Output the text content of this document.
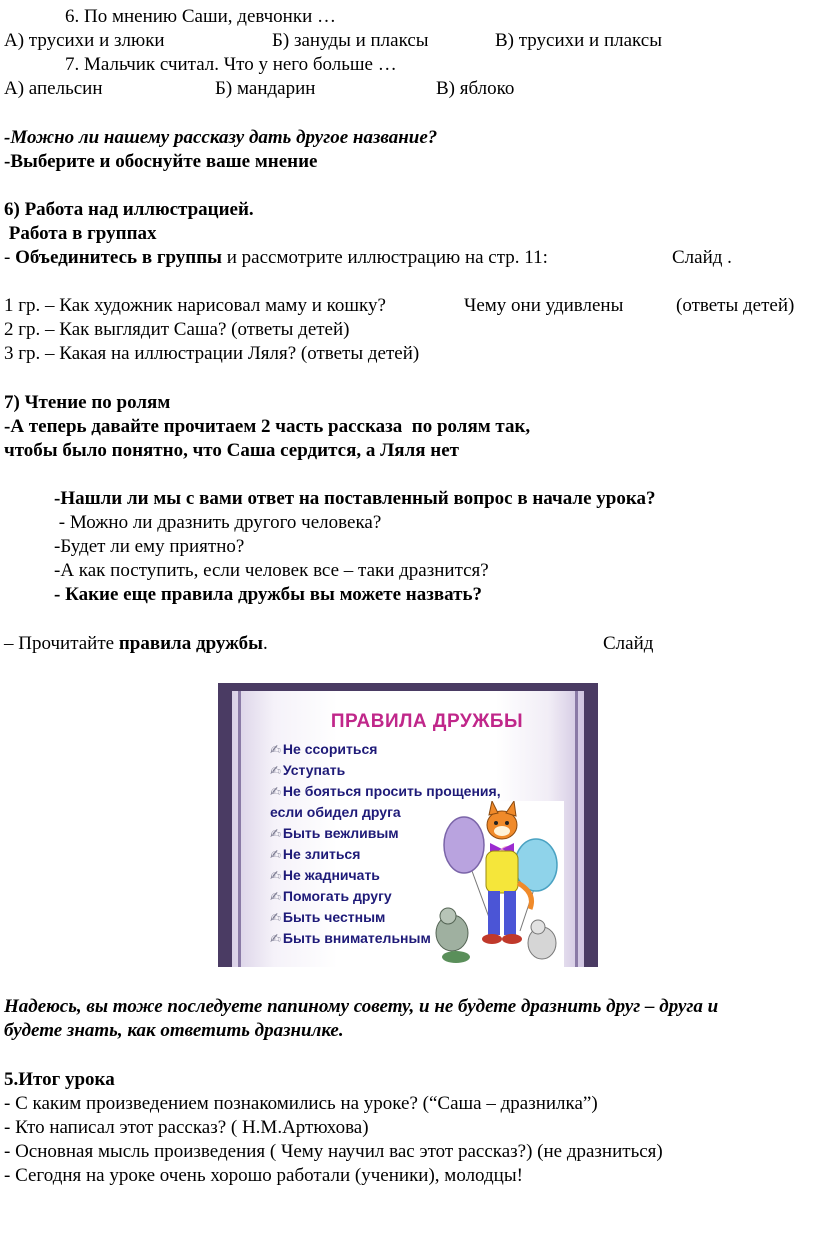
6. По мнению Саши, девчонки …
А) трусихи и злюки	Б) зануды и плаксы	В) трусихи и плаксы
7. Мальчик считал. Что у него больше …
А) апельсин	Б) мандарин	В) яблоко
-Можно ли нашему рассказу дать другое название?
-Выберите и обоснуйте ваше мнение
6) Работа над иллюстрацией.
Работа в группах
- Объединитесь в группы и рассмотрите иллюстрацию на стр. 11:	Слайд .
1 гр. – Как художник нарисовал маму и кошку?	Чему они удивлены	(ответы детей)
2 гр. – Как выглядит Саша? (ответы детей)
3 гр. – Какая на иллюстрации Ляля? (ответы детей)
7) Чтение по ролям
-А теперь давайте прочитаем 2 часть рассказа  по ролям так,
чтобы было понятно, что Саша сердится, а Ляля нет
-Нашли ли мы с вами ответ на поставленный вопрос в начале урока?
- Можно ли дразнить другого человека?
-Будет ли ему приятно?
-А как поступить, если человек все – таки дразнится?
- Какие еще правила дружбы вы можете назвать?
– Прочитайте правила дружбы.	Слайд
ПРАВИЛА ДРУЖБЫ
✍ Не ссориться
✍ Уступать
✍ Не бояться просить прощения,
если обидел друга
✍ Быть вежливым
✍ Не злиться
✍ Не жадничать
✍ Помогать другу
✍ Быть честным
✍ Быть внимательным
Надеюсь, вы тоже последуете папиному совету, и не будете дразнить друг – друга и
будете знать, как ответить дразнилке.
5.Итог урока
- С каким произведением познакомились на уроке? (“Саша – дразнилка”)
- Кто написал этот рассказ? ( Н.М.Артюхова)
- Основная мысль произведения ( Чему научил вас этот рассказ?) (не дразниться)
- Сегодня на уроке очень хорошо работали (ученики), молодцы!
